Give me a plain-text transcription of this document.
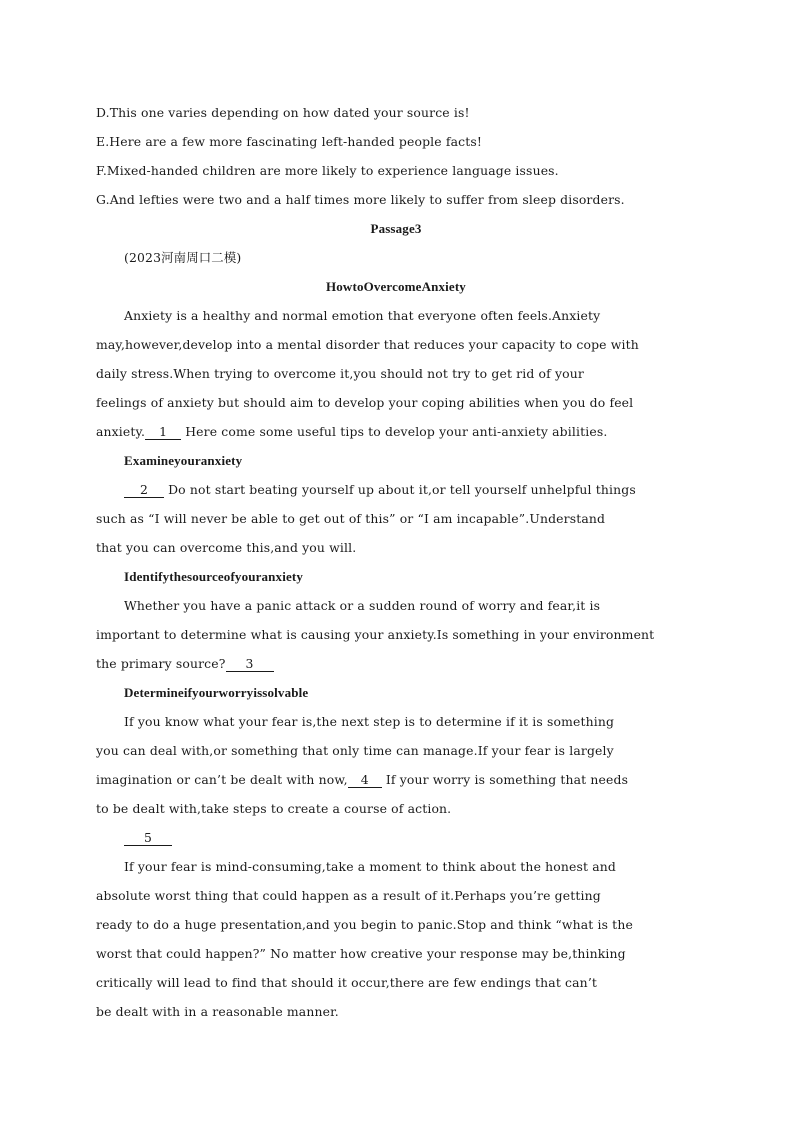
D.This one varies depending on how dated your source is!
E.Here are a few more fascinating left-handed people facts!
F.Mixed-handed children are more likely to experience language issues.
G.And lefties were two and a half times more likely to suffer from sleep disorders.
Passage3
(2023河南周口二模)
HowtoOvercomeAnxiety
Anxiety is a healthy and normal emotion that everyone often feels.Anxiety
may,however,develop into a mental disorder that reduces your capacity to cope with
daily stress.When trying to overcome it,you should not try to get rid of your
feelings of anxiety but should aim to develop your coping abilities when you do feel
anxiety. 1 Here come some useful tips to develop your anti-anxiety abilities.
Examineyouranxiety
2 Do not start beating yourself up about it,or tell yourself unhelpful things
such as “I will never be able to get out of this” or “I am incapable”.Understand
that you can overcome this,and you will.
Identifythesourceofyouranxiety
Whether you have a panic attack or a sudden round of worry and fear,it is
important to determine what is causing your anxiety.Is something in your environment
the primary source? 3
Determineifyourworryissolvable
If you know what your fear is,the next step is to determine if it is something
you can deal with,or something that only time can manage.If your fear is largely
imagination or can’t be dealt with now, 4 If your worry is something that needs
to be dealt with,take steps to create a course of action.
5
If your fear is mind-consuming,take a moment to think about the honest and
absolute worst thing that could happen as a result of it.Perhaps you’re getting
ready to do a huge presentation,and you begin to panic.Stop and think “what is the
worst that could happen?” No matter how creative your response may be,thinking
critically will lead to find that should it occur,there are few endings that can’t
be dealt with in a reasonable manner.
